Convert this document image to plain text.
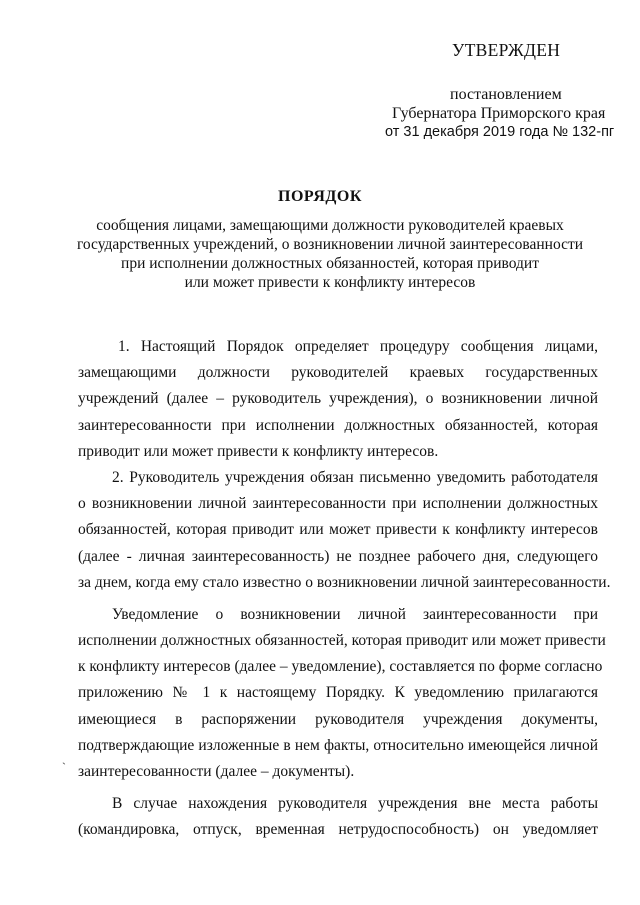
УТВЕРЖДЕН
постановлением
Губернатора Приморского края
от 31 декабря 2019 года № 132-пг
ПОРЯДОК
сообщения лицами, замещающими должности руководителей краевых
государственных учреждений, о возникновении личной заинтересованности
при исполнении должностных обязанностей, которая приводит
или может привести к конфликту интересов
1. Настоящий Порядок определяет процедуру сообщения лицами,
замещающими должности руководителей краевых государственных
учреждений (далее – руководитель учреждения), о возникновении личной
заинтересованности при исполнении должностных обязанностей, которая
приводит или может привести к конфликту интересов.
2. Руководитель учреждения обязан письменно уведомить работодателя
о возникновении личной заинтересованности при исполнении должностных
обязанностей, которая приводит или может привести к конфликту интересов
(далее - личная заинтересованность) не позднее рабочего дня, следующего
за днем, когда ему стало известно о возникновении личной заинтересованности.
Уведомление о возникновении личной заинтересованности при
исполнении должностных обязанностей, которая приводит или может привести
к конфликту интересов (далее – уведомление), составляется по форме согласно
приложению № 1 к настоящему Порядку. К уведомлению прилагаются
имеющиеся в распоряжении руководителя учреждения документы,
подтверждающие изложенные в нем факты, относительно имеющейся личной
заинтересованности (далее – документы).
В случае нахождения руководителя учреждения вне места работы
(командировка, отпуск, временная нетрудоспособность) он уведомляет
`
